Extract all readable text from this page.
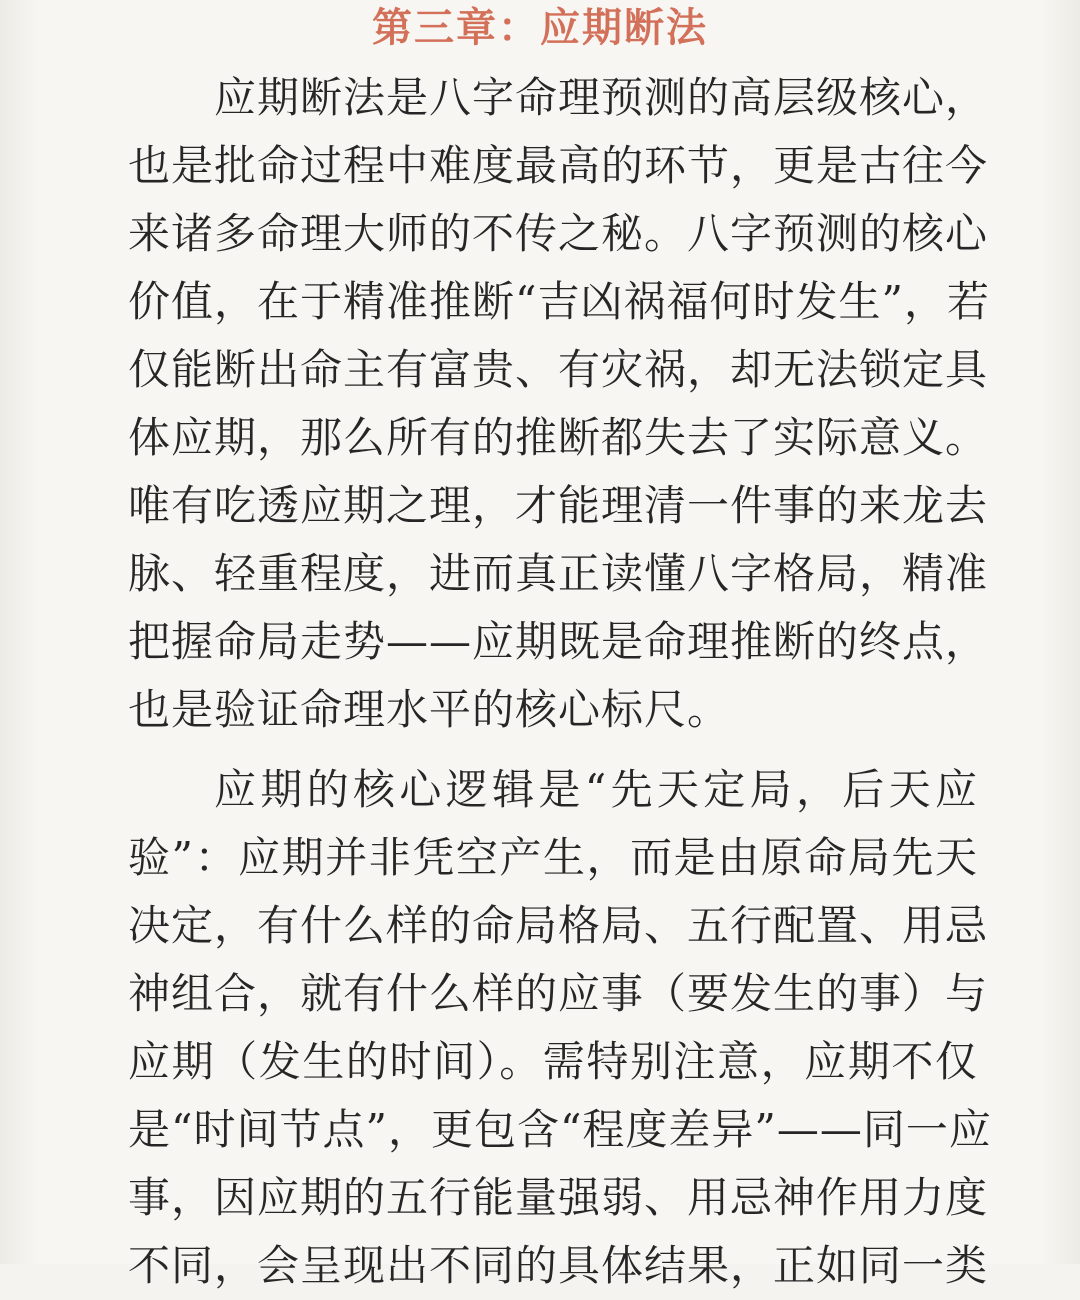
第三章：应期断法
应期断法是八字命理预测的高层级核心，
也是批命过程中难度最高的环节，更是古往今
来诸多命理大师的不传之秘。八字预测的核心
价值，在于精准推断“吉凶祸福何时发生”，若
仅能断出命主有富贵、有灾祸，却无法锁定具
体应期，那么所有的推断都失去了实际意义。
唯有吃透应期之理，才能理清一件事的来龙去
脉、轻重程度，进而真正读懂八字格局，精准
把握命局走势——应期既是命理推断的终点，
也是验证命理水平的核心标尺。
应期的核心逻辑是“先天定局，后天应
验”：应期并非凭空产生，而是由原命局先天
决定，有什么样的命局格局、五行配置、用忌
神组合，就有什么样的应事（要发生的事）与
应期（发生的时间）。需特别注意，应期不仅
是“时间节点”，更包含“程度差异”——同一应
事，因应期的五行能量强弱、用忌神作用力度
不同，会呈现出不同的具体结果，正如同一类
